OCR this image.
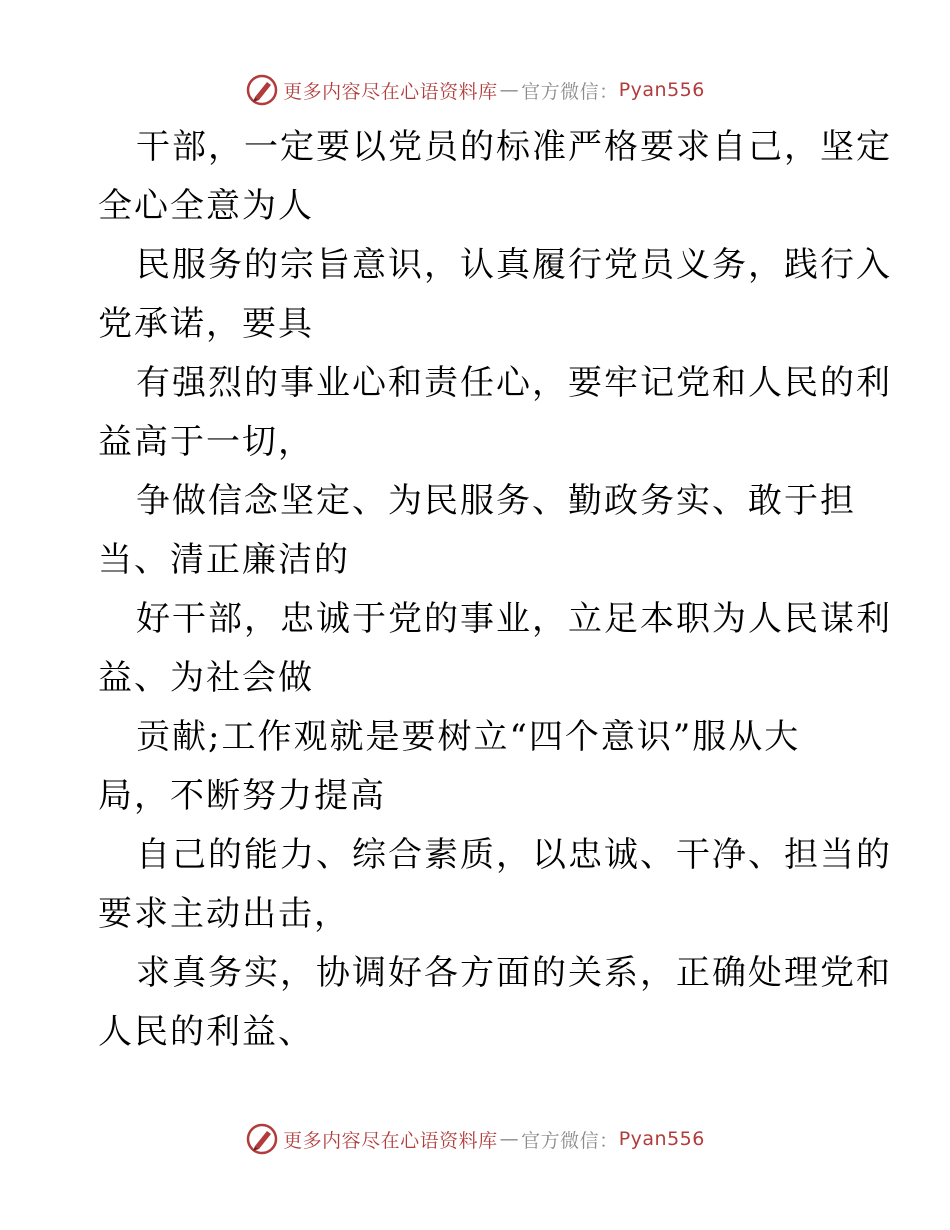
更多内容尽在心语资料库 — 官方微信： Pyan556

干部，一定要以党员的标准严格要求自己，坚定
全心全意为人

民服务的宗旨意识，认真履行党员义务，践行入
党承诺，要具

有强烈的事业心和责任心，要牢记党和人民的利
益高于一切，

争做信念坚定、为民服务、勤政务实、敢于担
当、清正廉洁的

好干部，忠诚于党的事业，立足本职为人民谋利
益、为社会做

贡献;工作观就是要树立“四个意识”服从大
局，不断努力提高

自己的能力、综合素质，以忠诚、干净、担当的
要求主动出击，

求真务实，协调好各方面的关系，正确处理党和
人民的利益、

更多内容尽在心语资料库 — 官方微信： Pyan556
